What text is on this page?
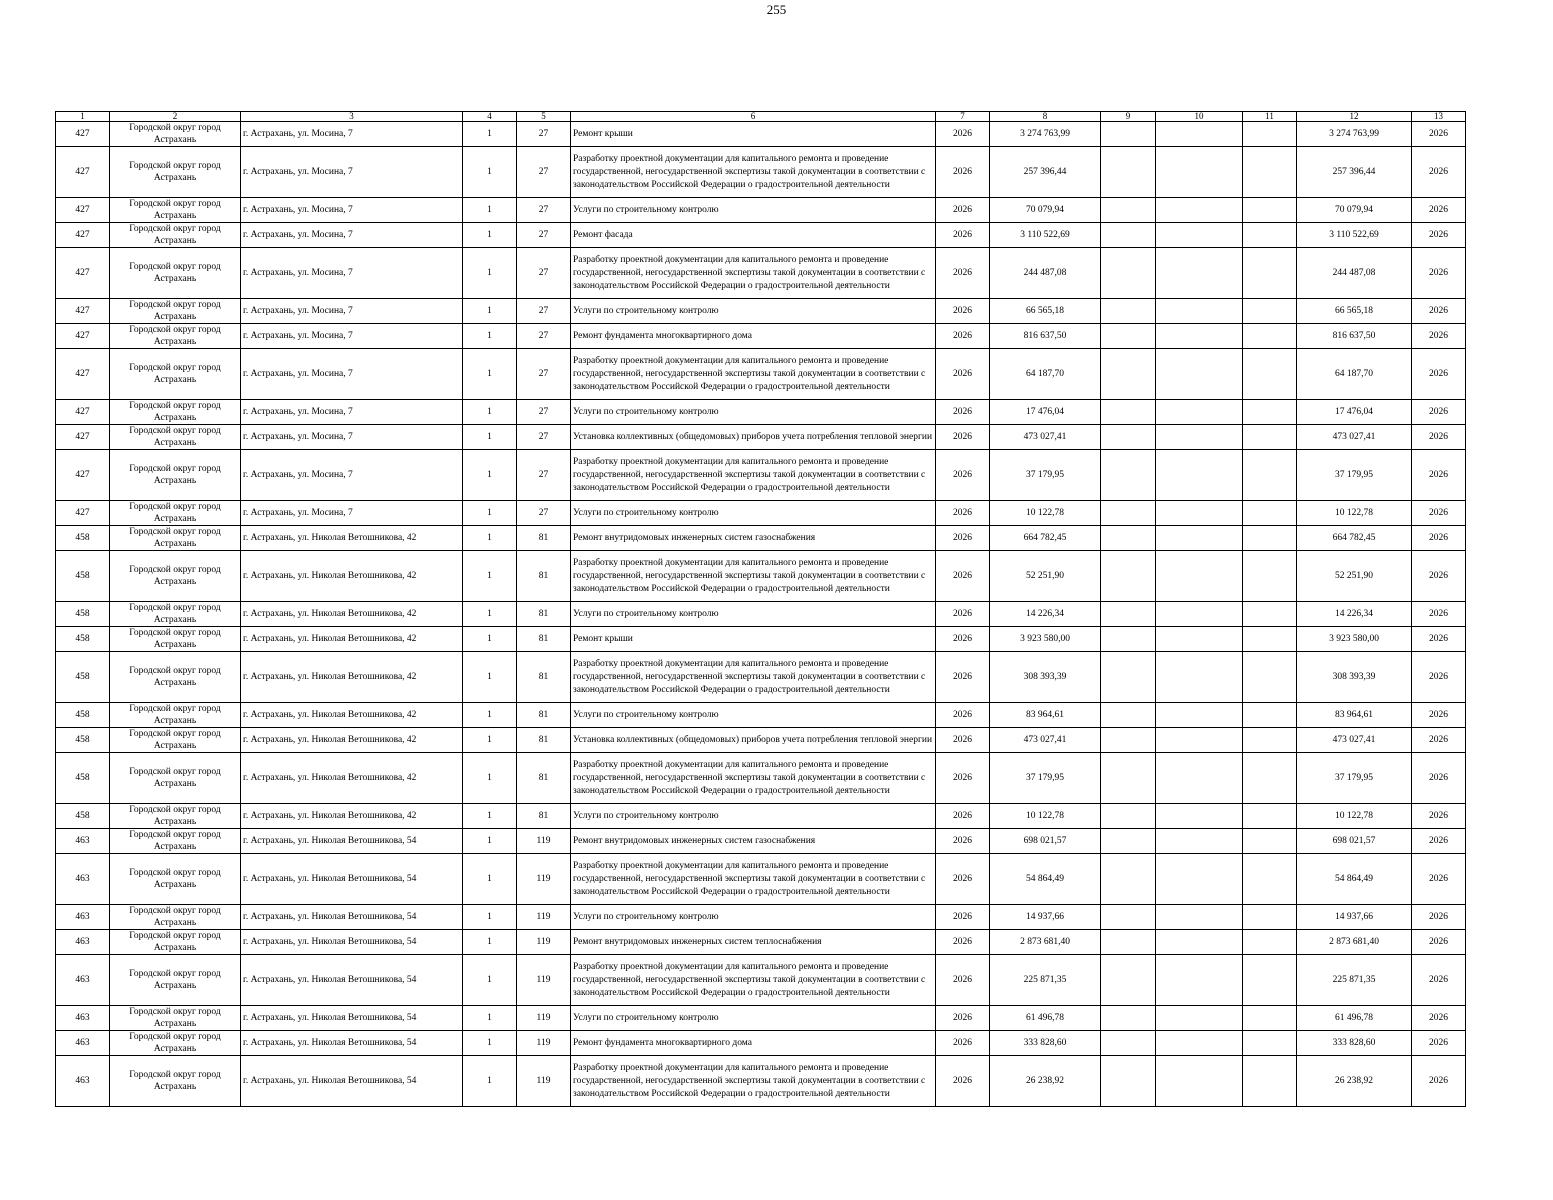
255
1	2	3	4	5	6	7	8	9	10	11	12	13
427	Городской округ город Астрахань	г. Астрахань, ул. Мосина, 7	1	27	Ремонт крыши	2026	3 274 763,99				3 274 763,99	2026
427	Городской округ город Астрахань	г. Астрахань, ул. Мосина, 7	1	27	Разработку проектной документации для капитального ремонта и проведение государственной, негосударственной экспертизы такой документации в соответствии с законодательством Российской Федерации о градостроительной деятельности	2026	257 396,44				257 396,44	2026
427	Городской округ город Астрахань	г. Астрахань, ул. Мосина, 7	1	27	Услуги по строительному контролю	2026	70 079,94				70 079,94	2026
427	Городской округ город Астрахань	г. Астрахань, ул. Мосина, 7	1	27	Ремонт фасада	2026	3 110 522,69				3 110 522,69	2026
427	Городской округ город Астрахань	г. Астрахань, ул. Мосина, 7	1	27	Разработку проектной документации для капитального ремонта и проведение государственной, негосударственной экспертизы такой документации в соответствии с законодательством Российской Федерации о градостроительной деятельности	2026	244 487,08				244 487,08	2026
427	Городской округ город Астрахань	г. Астрахань, ул. Мосина, 7	1	27	Услуги по строительному контролю	2026	66 565,18				66 565,18	2026
427	Городской округ город Астрахань	г. Астрахань, ул. Мосина, 7	1	27	Ремонт фундамента многоквартирного дома	2026	816 637,50				816 637,50	2026
427	Городской округ город Астрахань	г. Астрахань, ул. Мосина, 7	1	27	Разработку проектной документации для капитального ремонта и проведение государственной, негосударственной экспертизы такой документации в соответствии с законодательством Российской Федерации о градостроительной деятельности	2026	64 187,70				64 187,70	2026
427	Городской округ город Астрахань	г. Астрахань, ул. Мосина, 7	1	27	Услуги по строительному контролю	2026	17 476,04				17 476,04	2026
427	Городской округ город Астрахань	г. Астрахань, ул. Мосина, 7	1	27	Установка коллективных (общедомовых) приборов учета потребления тепловой энергии	2026	473 027,41				473 027,41	2026
427	Городской округ город Астрахань	г. Астрахань, ул. Мосина, 7	1	27	Разработку проектной документации для капитального ремонта и проведение государственной, негосударственной экспертизы такой документации в соответствии с законодательством Российской Федерации о градостроительной деятельности	2026	37 179,95				37 179,95	2026
427	Городской округ город Астрахань	г. Астрахань, ул. Мосина, 7	1	27	Услуги по строительному контролю	2026	10 122,78				10 122,78	2026
458	Городской округ город Астрахань	г. Астрахань, ул. Николая Ветошникова, 42	1	81	Ремонт внутридомовых инженерных систем газоснабжения	2026	664 782,45				664 782,45	2026
458	Городской округ город Астрахань	г. Астрахань, ул. Николая Ветошникова, 42	1	81	Разработку проектной документации для капитального ремонта и проведение государственной, негосударственной экспертизы такой документации в соответствии с законодательством Российской Федерации о градостроительной деятельности	2026	52 251,90				52 251,90	2026
458	Городской округ город Астрахань	г. Астрахань, ул. Николая Ветошникова, 42	1	81	Услуги по строительному контролю	2026	14 226,34				14 226,34	2026
458	Городской округ город Астрахань	г. Астрахань, ул. Николая Ветошникова, 42	1	81	Ремонт крыши	2026	3 923 580,00				3 923 580,00	2026
458	Городской округ город Астрахань	г. Астрахань, ул. Николая Ветошникова, 42	1	81	Разработку проектной документации для капитального ремонта и проведение государственной, негосударственной экспертизы такой документации в соответствии с законодательством Российской Федерации о градостроительной деятельности	2026	308 393,39				308 393,39	2026
458	Городской округ город Астрахань	г. Астрахань, ул. Николая Ветошникова, 42	1	81	Услуги по строительному контролю	2026	83 964,61				83 964,61	2026
458	Городской округ город Астрахань	г. Астрахань, ул. Николая Ветошникова, 42	1	81	Установка коллективных (общедомовых) приборов учета потребления тепловой энергии	2026	473 027,41				473 027,41	2026
458	Городской округ город Астрахань	г. Астрахань, ул. Николая Ветошникова, 42	1	81	Разработку проектной документации для капитального ремонта и проведение государственной, негосударственной экспертизы такой документации в соответствии с законодательством Российской Федерации о градостроительной деятельности	2026	37 179,95				37 179,95	2026
458	Городской округ город Астрахань	г. Астрахань, ул. Николая Ветошникова, 42	1	81	Услуги по строительному контролю	2026	10 122,78				10 122,78	2026
463	Городской округ город Астрахань	г. Астрахань, ул. Николая Ветошникова, 54	1	119	Ремонт внутридомовых инженерных систем газоснабжения	2026	698 021,57				698 021,57	2026
463	Городской округ город Астрахань	г. Астрахань, ул. Николая Ветошникова, 54	1	119	Разработку проектной документации для капитального ремонта и проведение государственной, негосударственной экспертизы такой документации в соответствии с законодательством Российской Федерации о градостроительной деятельности	2026	54 864,49				54 864,49	2026
463	Городской округ город Астрахань	г. Астрахань, ул. Николая Ветошникова, 54	1	119	Услуги по строительному контролю	2026	14 937,66				14 937,66	2026
463	Городской округ город Астрахань	г. Астрахань, ул. Николая Ветошникова, 54	1	119	Ремонт внутридомовых инженерных систем теплоснабжения	2026	2 873 681,40				2 873 681,40	2026
463	Городской округ город Астрахань	г. Астрахань, ул. Николая Ветошникова, 54	1	119	Разработку проектной документации для капитального ремонта и проведение государственной, негосударственной экспертизы такой документации в соответствии с законодательством Российской Федерации о градостроительной деятельности	2026	225 871,35				225 871,35	2026
463	Городской округ город Астрахань	г. Астрахань, ул. Николая Ветошникова, 54	1	119	Услуги по строительному контролю	2026	61 496,78				61 496,78	2026
463	Городской округ город Астрахань	г. Астрахань, ул. Николая Ветошникова, 54	1	119	Ремонт фундамента многоквартирного дома	2026	333 828,60				333 828,60	2026
463	Городской округ город Астрахань	г. Астрахань, ул. Николая Ветошникова, 54	1	119	Разработку проектной документации для капитального ремонта и проведение государственной, негосударственной экспертизы такой документации в соответствии с законодательством Российской Федерации о градостроительной деятельности	2026	26 238,92				26 238,92	2026
